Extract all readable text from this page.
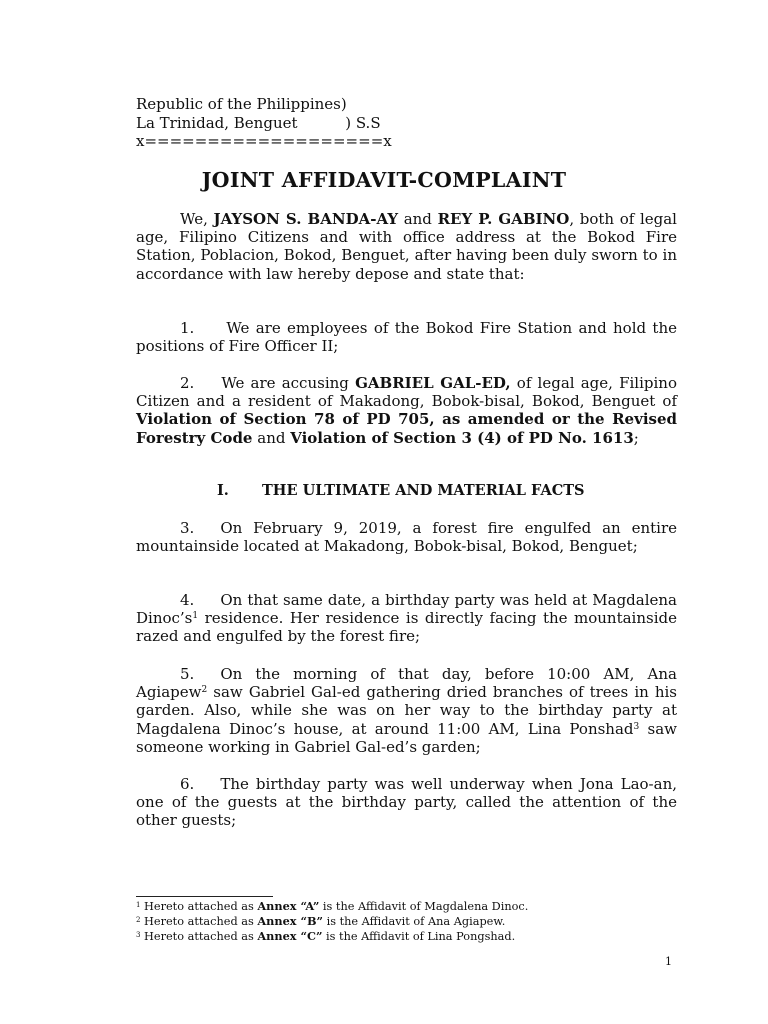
Republic of the Philippines)
La Trinidad, Benguet          ) S.S
x===================x
JOINT AFFIDAVIT-COMPLAINT

We, JAYSON S. BANDA-AY and REY P. GABINO, both of legal age, Filipino Citizens and with office address at the Bokod Fire Station, Poblacion, Bokod, Benguet, after having been duly sworn to in accordance with law hereby depose and state that:

1. We are employees of the Bokod Fire Station and hold the positions of Fire Officer II;

2. We are accusing GABRIEL GAL-ED, of legal age, Filipino Citizen and a resident of Makadong, Bobok-bisal, Bokod, Benguet of Violation of Section 78 of PD 705, as amended or the Revised Forestry Code and Violation of Section 3 (4) of PD No. 1613;

I. THE ULTIMATE AND MATERIAL FACTS

3. On February 9, 2019, a forest fire engulfed an entire mountainside located at Makadong, Bobok-bisal, Bokod, Benguet;

4. On that same date, a birthday party was held at Magdalena $Dinoc’s^1$ residence. Her residence is directly facing the mountainside razed and engulfed by the forest fire;

5. On the morning of that day, before 10:00 AM, Ana Agiapew$^2$ saw Gabriel Gal-ed gathering dried branches of trees in his garden. Also, while she was on her way to the birthday party at Magdalena Dinoc’s house, at around 11:00 AM, Lina Ponshad$^3$ saw someone working in Gabriel Gal-ed’s garden;

6. The birthday party was well underway when Jona Lao-an, one of the guests at the birthday party, called the attention of the other guests;

$^1$ Hereto attached as Annex “A” is the Affidavit of Magdalena Dinoc.
$^2$ Hereto attached as Annex “B” is the Affidavit of Ana Agiapew.
$^3$ Hereto attached as Annex “C” is the Affidavit of Lina Pongshad.
1
